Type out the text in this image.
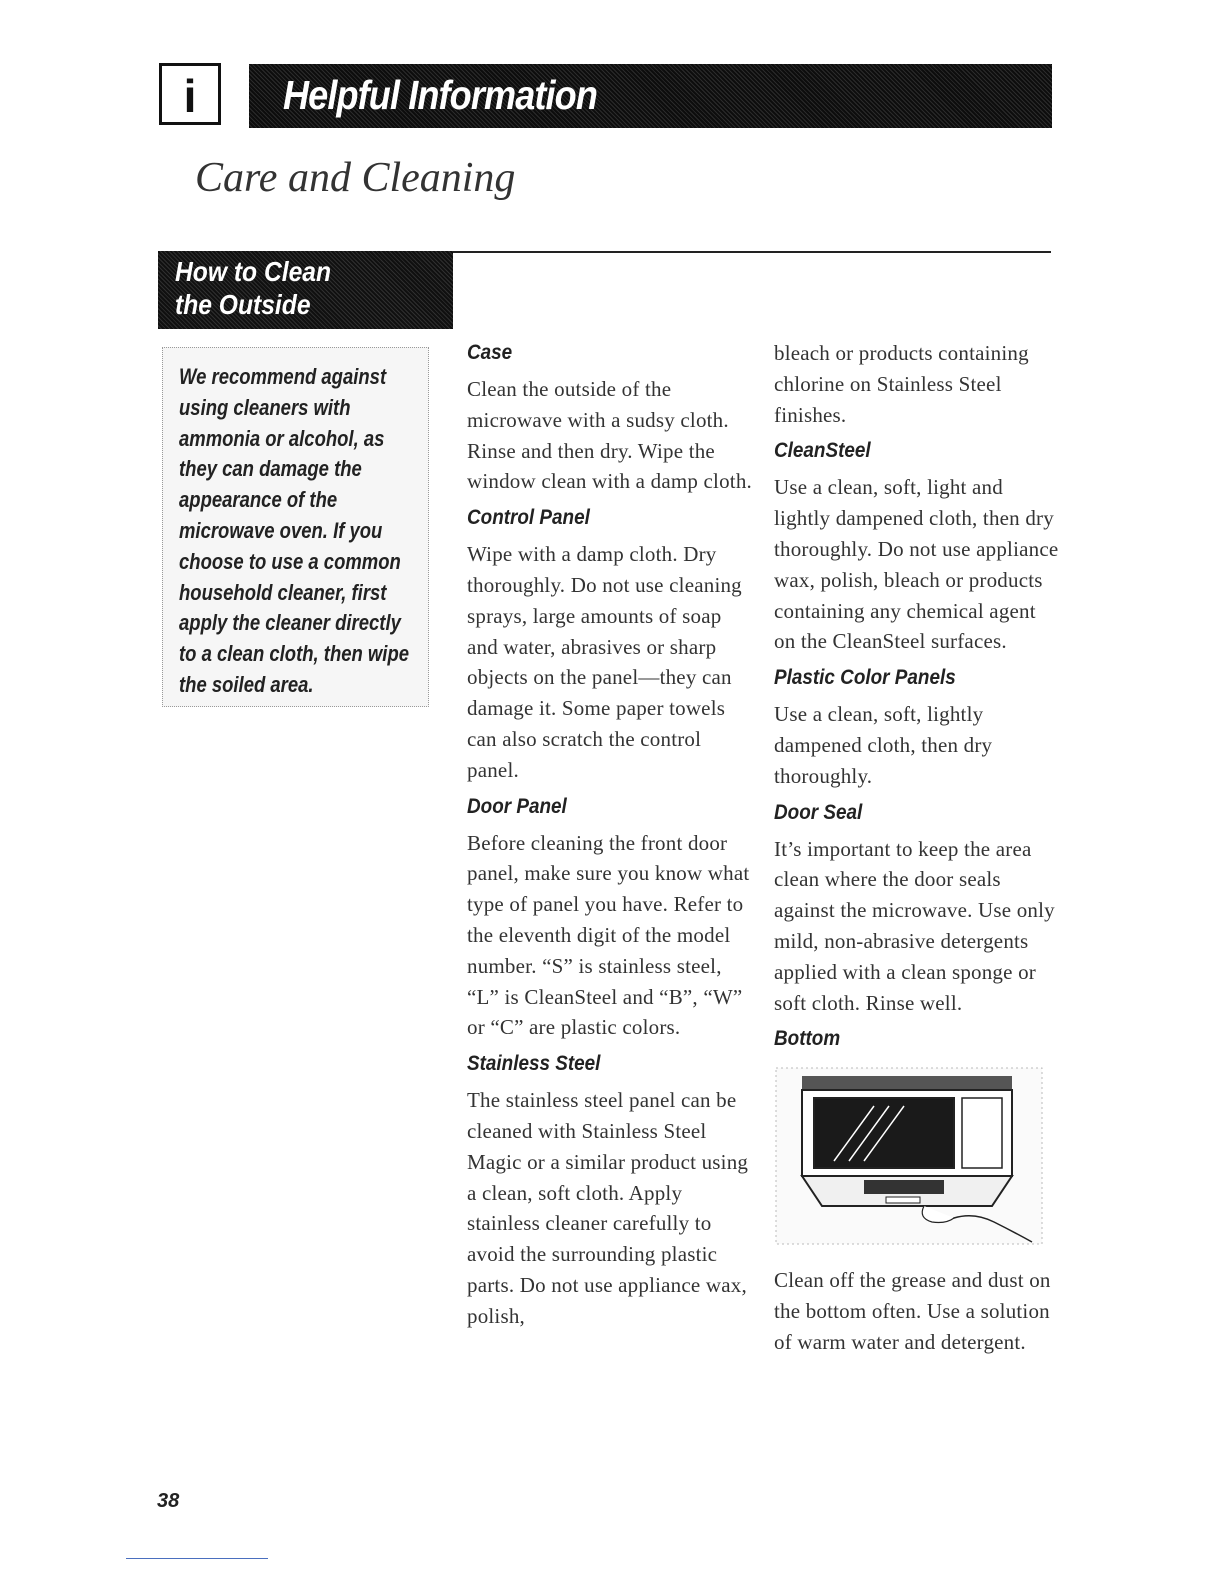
i	Helpful Information
Care and Cleaning
How to Clean
the Outside

We recommend against using cleaners with ammonia or alcohol, as they can damage the appearance of the microwave oven. If you choose to use a common household cleaner, first apply the cleaner directly to a clean cloth, then wipe the soiled area.

Case

Clean the outside of the microwave with a sudsy cloth. Rinse and then dry. Wipe the window clean with a damp cloth.

Control Panel

Wipe with a damp cloth. Dry thoroughly. Do not use cleaning sprays, large amounts of soap and water, abrasives or sharp objects on the panel—they can damage it. Some paper towels can also scratch the control panel.

Door Panel

Before cleaning the front door panel, make sure you know what type of panel you have. Refer to the eleventh digit of the model number. “S” is stainless steel, “L” is CleanSteel and “B”, “W” or “C” are plastic colors.

Stainless Steel

The stainless steel panel can be cleaned with Stainless Steel Magic or a similar product using a clean, soft cloth. Apply stainless cleaner carefully to avoid the surrounding plastic parts. Do not use appliance wax, polish,

bleach or products containing chlorine on Stainless Steel finishes.

CleanSteel

Use a clean, soft, light and lightly dampened cloth, then dry thoroughly. Do not use appliance wax, polish, bleach or products containing any chemical agent on the CleanSteel surfaces.

Plastic Color Panels

Use a clean, soft, lightly dampened cloth, then dry thoroughly.

Door Seal

It’s important to keep the area clean where the door seals against the microwave. Use only mild, non-abrasive detergents applied with a clean sponge or soft cloth. Rinse well.

Bottom

Clean off the grease and dust on the bottom often. Use a solution of warm water and detergent.

38
